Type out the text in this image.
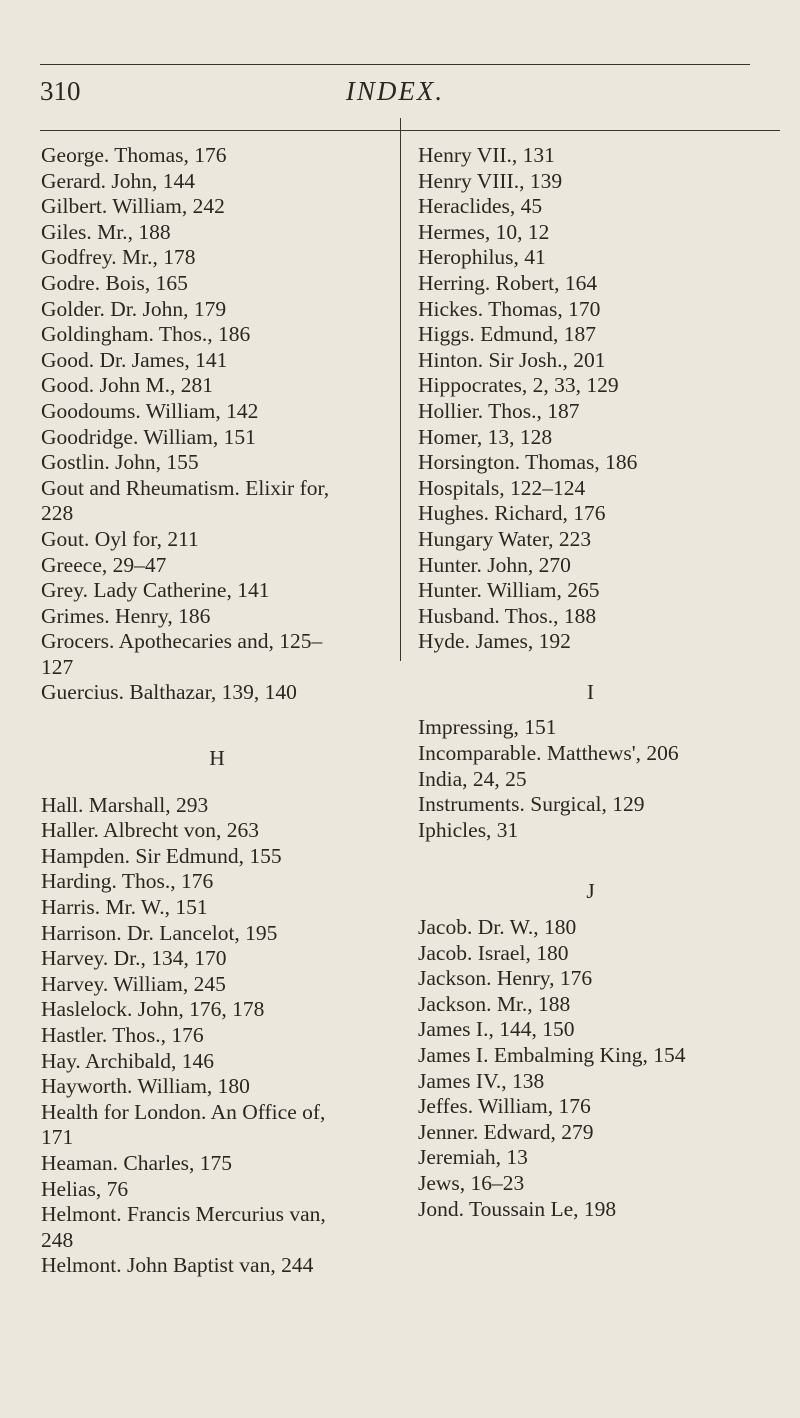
310	INDEX.
George. Thomas, 176
Gerard. John, 144
Gilbert. William, 242
Giles. Mr., 188
Godfrey. Mr., 178
Godre. Bois, 165
Golder. Dr. John, 179
Goldingham. Thos., 186
Good. Dr. James, 141
Good. John M., 281
Goodoums. William, 142
Goodridge. William, 151
Gostlin. John, 155
Gout and Rheumatism. Elixir for,
228
Gout. Oyl for, 211
Greece, 29–47
Grey. Lady Catherine, 141
Grimes. Henry, 186
Grocers. Apothecaries and, 125–
127
Guercius. Balthazar, 139, 140
H
Hall. Marshall, 293
Haller. Albrecht von, 263
Hampden. Sir Edmund, 155
Harding. Thos., 176
Harris. Mr. W., 151
Harrison. Dr. Lancelot, 195
Harvey. Dr., 134, 170
Harvey. William, 245
Haslelock. John, 176, 178
Hastler. Thos., 176
Hay. Archibald, 146
Hayworth. William, 180
Health for London. An Office of,
171
Heaman. Charles, 175
Helias, 76
Helmont. Francis Mercurius van,
248
Helmont. John Baptist van, 244
Henry VII., 131
Henry VIII., 139
Heraclides, 45
Hermes, 10, 12
Herophilus, 41
Herring. Robert, 164
Hickes. Thomas, 170
Higgs. Edmund, 187
Hinton. Sir Josh., 201
Hippocrates, 2, 33, 129
Hollier. Thos., 187
Homer, 13, 128
Horsington. Thomas, 186
Hospitals, 122–124
Hughes. Richard, 176
Hungary Water, 223
Hunter. John, 270
Hunter. William, 265
Husband. Thos., 188
Hyde. James, 192
I
Impressing, 151
Incomparable. Matthews', 206
India, 24, 25
Instruments. Surgical, 129
Iphicles, 31
J
Jacob. Dr. W., 180
Jacob. Israel, 180
Jackson. Henry, 176
Jackson. Mr., 188
James I., 144, 150
James I. Embalming King, 154
James IV., 138
Jeffes. William, 176
Jenner. Edward, 279
Jeremiah, 13
Jews, 16–23
Jond. Toussain Le, 198
